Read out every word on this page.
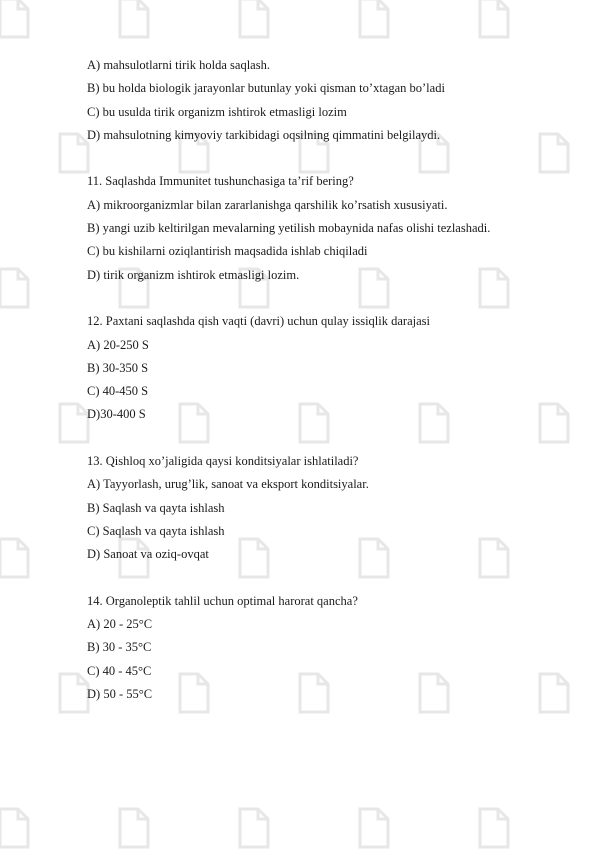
A) mahsulotlarni tirik holda saqlash.
B) bu holda biologik jarayonlar butunlay yoki qisman to’xtagan bo’ladi
C) bu usulda tirik organizm ishtirok etmasligi lozim
D) mahsulotning kimyoviy tarkibidagi oqsilning qimmatini belgilaydi.
11. Saqlashda Immunitet tushunchasiga ta’rif bering?
A) mikroorganizmlar bilan zararlanishga qarshilik ko’rsatish xususiyati.
B) yangi uzib keltirilgan mevalarning yetilish mobaynida nafas olishi tezlashadi.
C) bu kishilarni oziqlantirish maqsadida ishlab chiqiladi
D) tirik organizm ishtirok etmasligi lozim.
12. Paxtani saqlashda qish vaqti (davri) uchun qulay issiqlik darajasi
A) 20-250 S
B) 30-350 S
C) 40-450 S
D)30-400 S
13. Qishloq xo’jaligida qaysi konditsiyalar ishlatiladi?
A) Tayyorlash, urug’lik, sanoat va eksport konditsiyalar.
B) Saqlash va qayta ishlash
C) Saqlash va qayta ishlash
D) Sanoat va oziq-ovqat
14. Organoleptik tahlil uchun optimal harorat qancha?
A) 20 - 25°C
B) 30 - 35°C
C) 40 - 45°C
D) 50 - 55°C
